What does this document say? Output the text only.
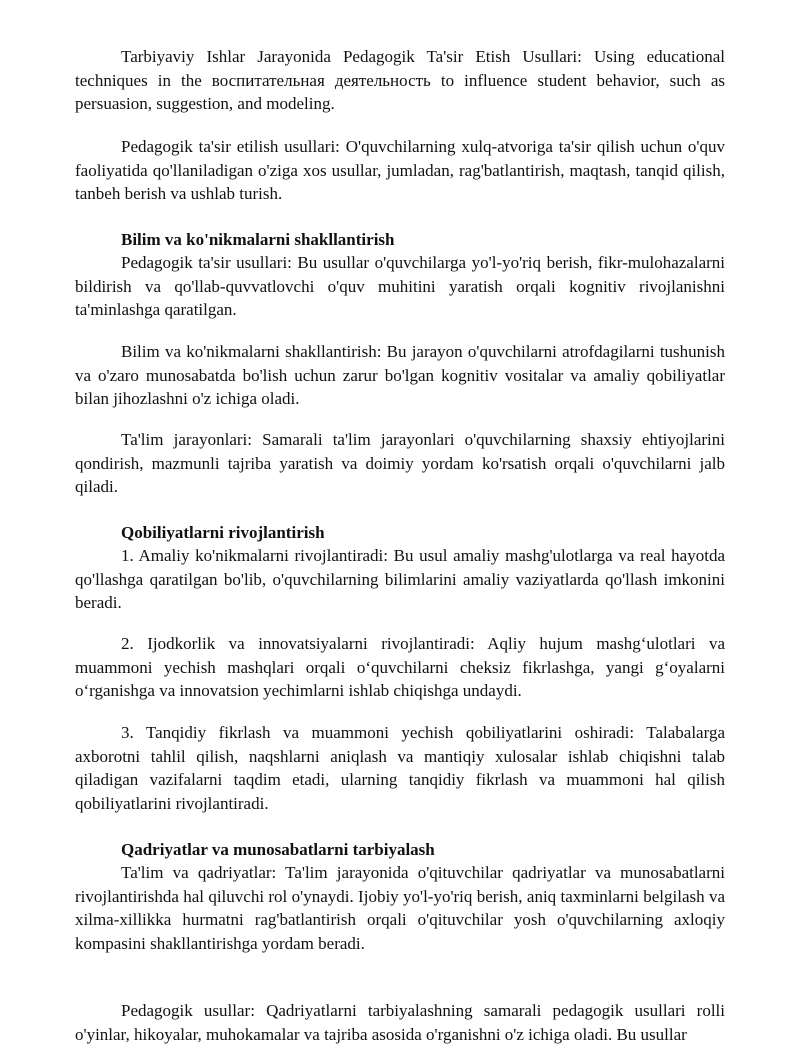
Tarbiyaviy Ishlar Jarayonida Pedagogik Ta'sir Etish Usullari: Using educational techniques in the воспитательная деятельность to influence student behavior, such as persuasion, suggestion, and modeling.

Pedagogik ta'sir etilish usullari: O'quvchilarning xulq-atvoriga ta'sir qilish uchun o'quv faoliyatida qo'llaniladigan o'ziga xos usullar, jumladan, rag'batlantirish, maqtash, tanqid qilish, tanbeh berish va ushlab turish.

Bilim va ko'nikmalarni shakllantirish

Pedagogik ta'sir usullari: Bu usullar o'quvchilarga yo'l-yo'riq berish, fikr-mulohazalarni bildirish va qo'llab-quvvatlovchi o'quv muhitini yaratish orqali kognitiv rivojlanishni ta'minlashga qaratilgan.

Bilim va ko'nikmalarni shakllantirish: Bu jarayon o'quvchilarni atrofdagilarni tushunish va o'zaro munosabatda bo'lish uchun zarur bo'lgan kognitiv vositalar va amaliy qobiliyatlar bilan jihozlashni o'z ichiga oladi.

Ta'lim jarayonlari: Samarali ta'lim jarayonlari o'quvchilarning shaxsiy ehtiyojlarini qondirish, mazmunli tajriba yaratish va doimiy yordam ko'rsatish orqali o'quvchilarni jalb qiladi.

Qobiliyatlarni rivojlantirish

1. Amaliy ko'nikmalarni rivojlantiradi: Bu usul amaliy mashg'ulotlarga va real hayotda qo'llashga qaratilgan bo'lib, o'quvchilarning bilimlarini amaliy vaziyatlarda qo'llash imkonini beradi.

2. Ijodkorlik va innovatsiyalarni rivojlantiradi: Aqliy hujum mashg‘ulotlari va muammoni yechish mashqlari orqali o‘quvchilarni cheksiz fikrlashga, yangi g‘oyalarni o‘rganishga va innovatsion yechimlarni ishlab chiqishga undaydi.

3. Tanqidiy fikrlash va muammoni yechish qobiliyatlarini oshiradi: Talabalarga axborotni tahlil qilish, naqshlarni aniqlash va mantiqiy xulosalar ishlab chiqishni talab qiladigan vazifalarni taqdim etadi, ularning tanqidiy fikrlash va muammoni hal qilish qobiliyatlarini rivojlantiradi.

Qadriyatlar va munosabatlarni tarbiyalash

Ta'lim va qadriyatlar: Ta'lim jarayonida o'qituvchilar qadriyatlar va munosabatlarni rivojlantirishda hal qiluvchi rol o'ynaydi. Ijobiy yo'l-yo'riq berish, aniq taxminlarni belgilash va xilma-xillikka hurmatni rag'batlantirish orqali o'qituvchilar yosh o'quvchilarning axloqiy kompasini shakllantirishga yordam beradi.

Pedagogik usullar: Qadriyatlarni tarbiyalashning samarali pedagogik usullari rolli o'yinlar, hikoyalar, muhokamalar va tajriba asosida o'rganishni o'z ichiga oladi. Bu usullar
